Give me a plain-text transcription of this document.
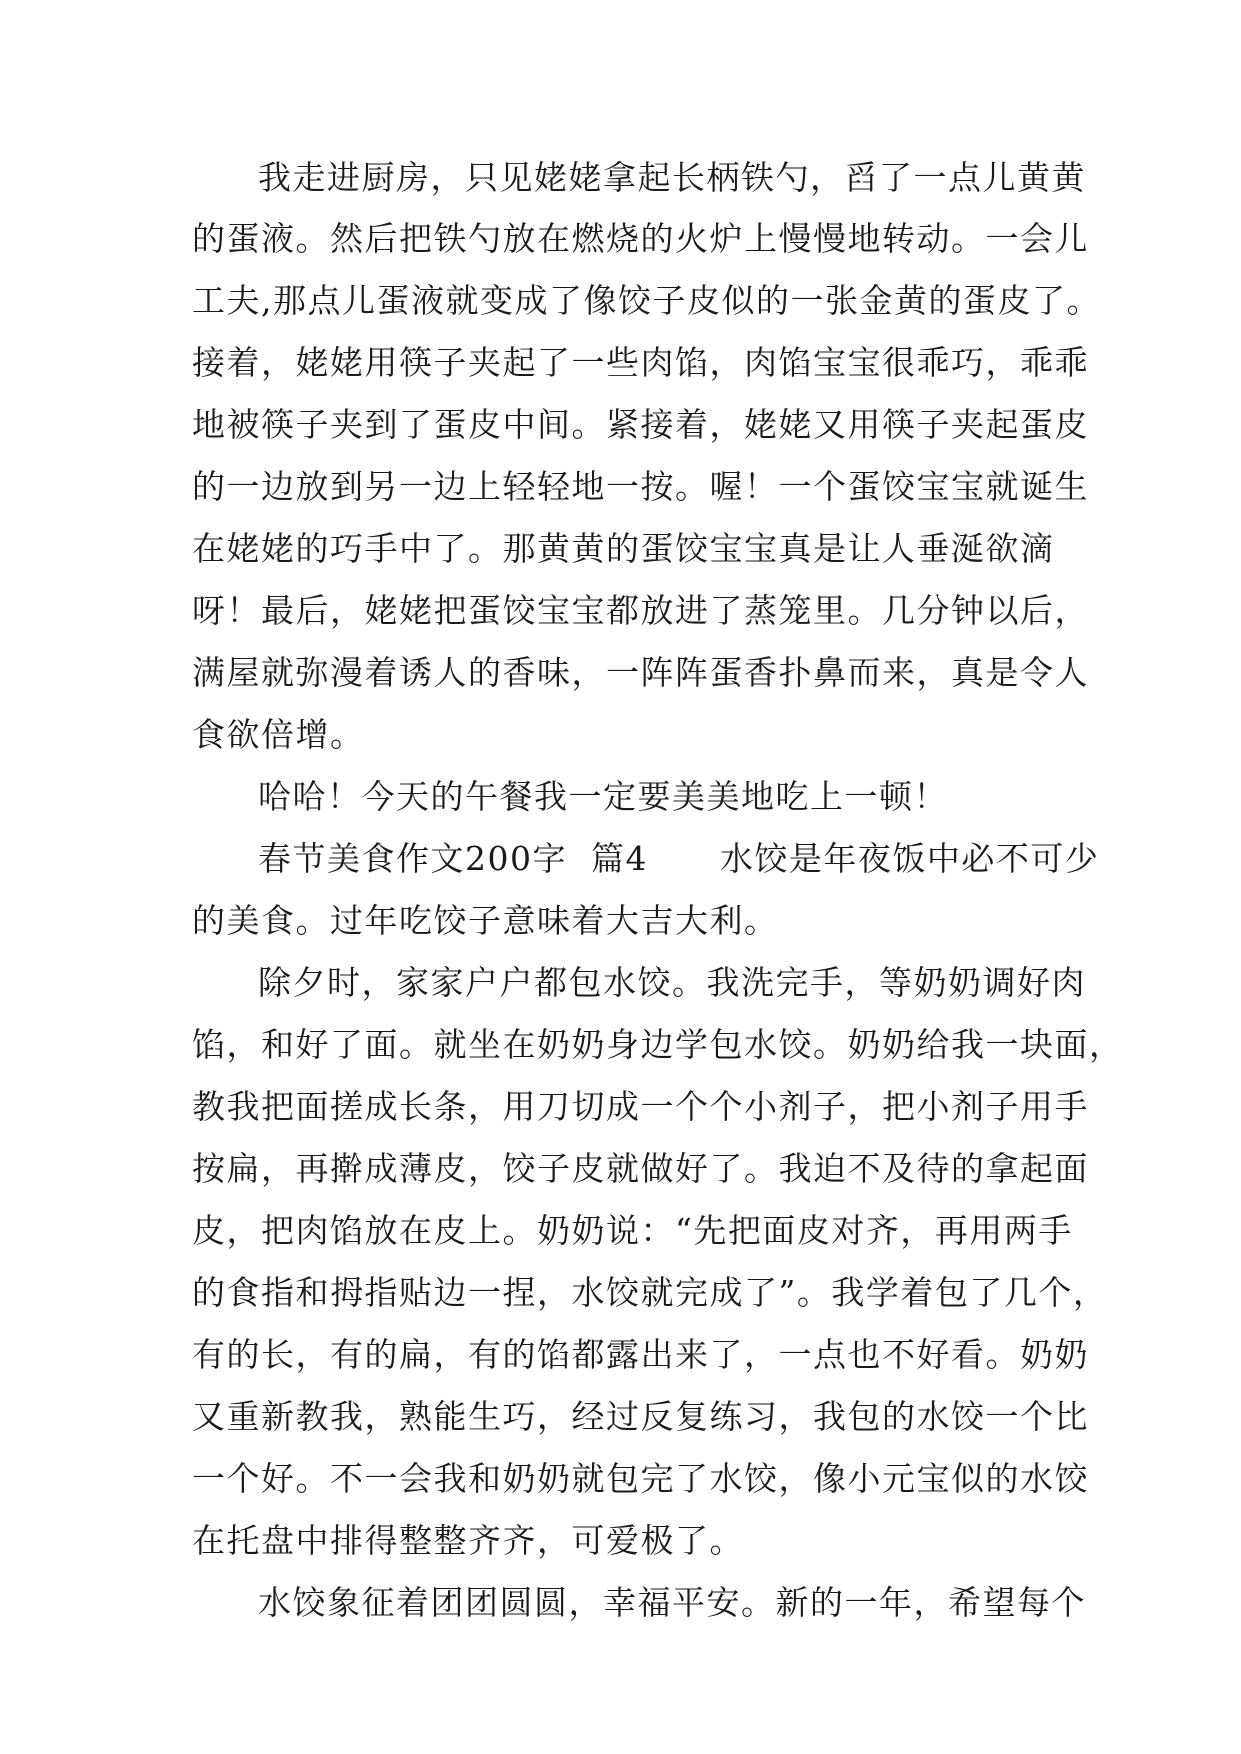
我走进厨房，只见姥姥拿起长柄铁勺，舀了一点儿黄黄
的蛋液。然后把铁勺放在燃烧的火炉上慢慢地转动。一会儿
工夫,那点儿蛋液就变成了像饺子皮似的一张金黄的蛋皮了。
接着，姥姥用筷子夹起了一些肉馅，肉馅宝宝很乖巧，乖乖
地被筷子夹到了蛋皮中间。紧接着，姥姥又用筷子夹起蛋皮
的一边放到另一边上轻轻地一按。喔！一个蛋饺宝宝就诞生
在姥姥的巧手中了。那黄黄的蛋饺宝宝真是让人垂涎欲滴
呀！最后，姥姥把蛋饺宝宝都放进了蒸笼里。几分钟以后，
满屋就弥漫着诱人的香味，一阵阵蛋香扑鼻而来，真是令人
食欲倍增。
哈哈！今天的午餐我一定要美美地吃上一顿！
春节美食作文200字  篇4      水饺是年夜饭中必不可少
的美食。过年吃饺子意味着大吉大利。
除夕时，家家户户都包水饺。我洗完手，等奶奶调好肉
馅，和好了面。就坐在奶奶身边学包水饺。奶奶给我一块面，
教我把面搓成长条，用刀切成一个个小剂子，把小剂子用手
按扁，再擀成薄皮，饺子皮就做好了。我迫不及待的拿起面
皮，把肉馅放在皮上。奶奶说：“先把面皮对齐，再用两手
的食指和拇指贴边一捏，水饺就完成了”。我学着包了几个，
有的长，有的扁，有的馅都露出来了，一点也不好看。奶奶
又重新教我，熟能生巧，经过反复练习，我包的水饺一个比
一个好。不一会我和奶奶就包完了水饺，像小元宝似的水饺
在托盘中排得整整齐齐，可爱极了。
水饺象征着团团圆圆，幸福平安。新的一年，希望每个
